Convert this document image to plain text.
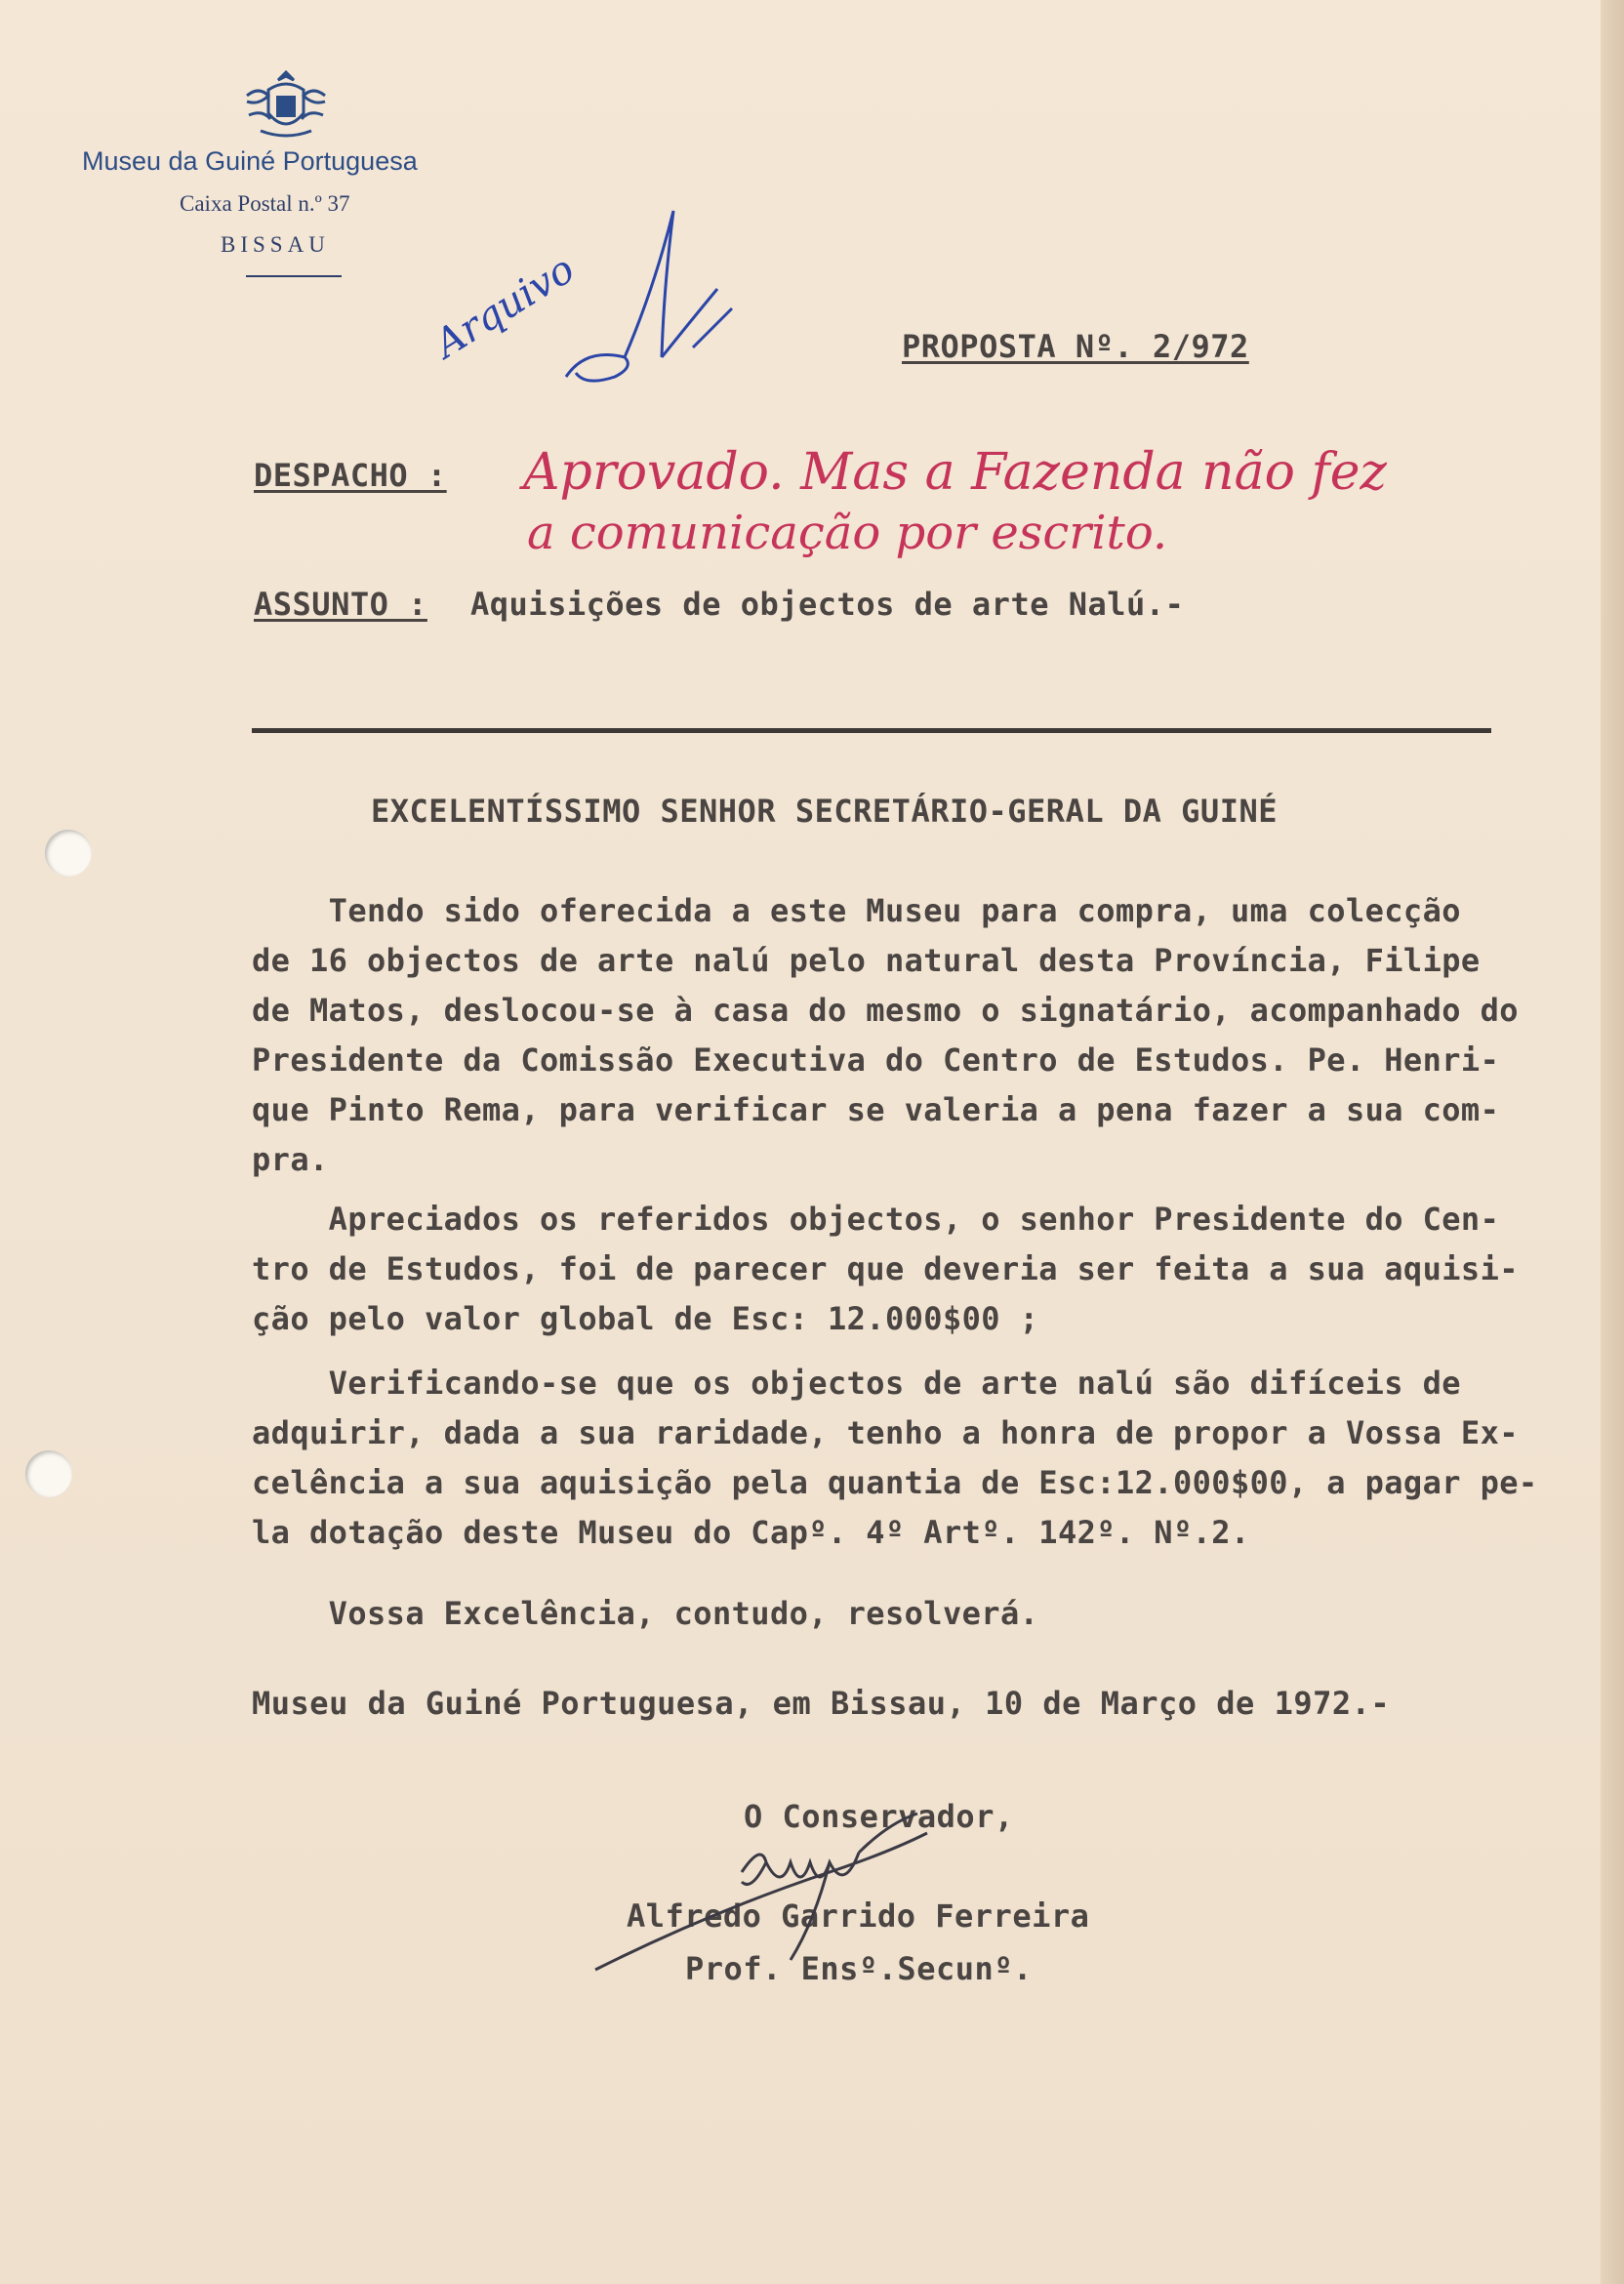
Museu da Guiné Portuguesa
Caixa Postal n.º 37
BISSAU
Arquivo	PROPOSTA Nº. 2/972
DESPACHO : Aprovado. Mas a Fazenda não fez
a comunicação por escrito.
ASSUNTO : Aquisições de objectos de arte Nalú.-
EXCELENTÍSSIMO SENHOR SECRETÁRIO-GERAL DA GUINÉ
Tendo sido oferecida a este Museu para compra, uma colecção
de 16 objectos de arte nalú pelo natural desta Província, Filipe
de Matos, deslocou-se à casa do mesmo o signatário, acompanhado do
Presidente da Comissão Executiva do Centro de Estudos. Pe. Henri-
que Pinto Rema, para verificar se valeria a pena fazer a sua com-
pra.
Apreciados os referidos objectos, o senhor Presidente do Cen-
tro de Estudos, foi de parecer que deveria ser feita a sua aquisi-
ção pelo valor global de Esc: 12.000$00 ;
Verificando-se que os objectos de arte nalú são difíceis de
adquirir, dada a sua raridade, tenho a honra de propor a Vossa Ex-
celência a sua aquisição pela quantia de Esc:12.000$00, a pagar pe-
la dotação deste Museu do Capº. 4º Artº. 142º. Nº.2.
Vossa Excelência, contudo, resolverá.
Museu da Guiné Portuguesa, em Bissau, 10 de Março de 1972.-
O Conservador,
Alfredo Garrido Ferreira
Prof. Ensº.Secunº.
